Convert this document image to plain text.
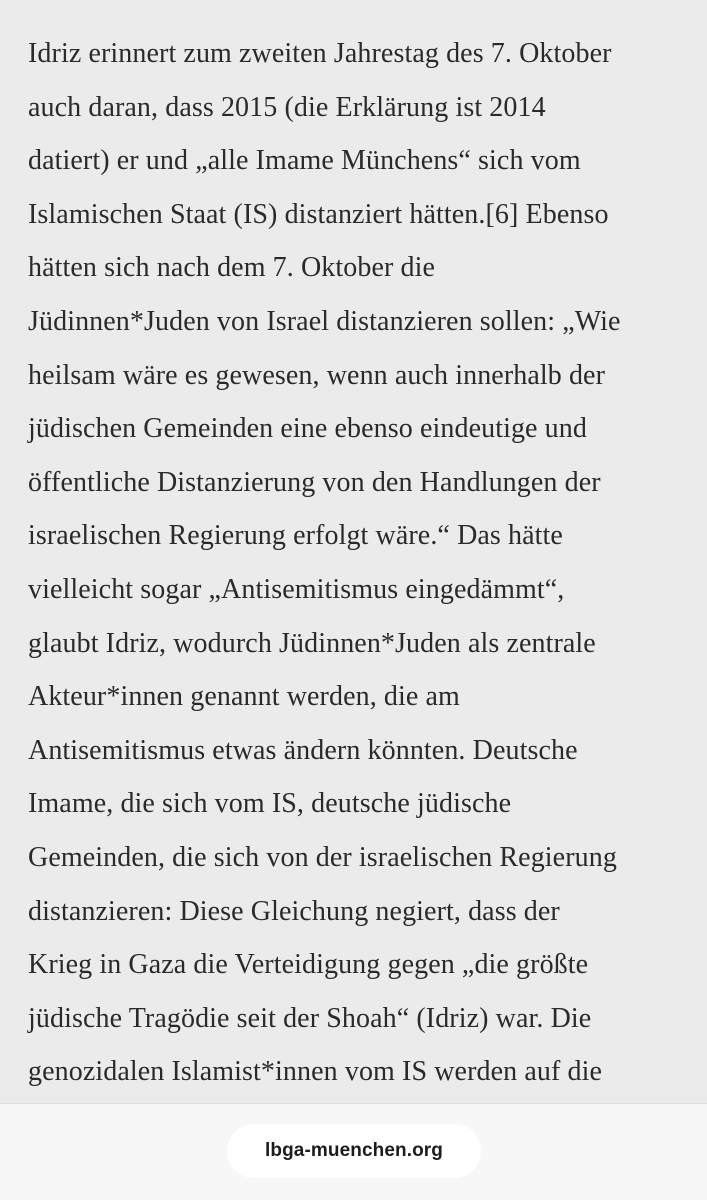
Idriz erinnert zum zweiten Jahrestag des 7. Oktober
auch daran, dass 2015 (die Erklärung ist 2014
datiert) er und „alle Imame Münchens“ sich vom
Islamischen Staat (IS) distanziert hätten.[6] Ebenso
hätten sich nach dem 7. Oktober die
Jüdinnen*Juden von Israel distanzieren sollen: „Wie
heilsam wäre es gewesen, wenn auch innerhalb der
jüdischen Gemeinden eine ebenso eindeutige und
öffentliche Distanzierung von den Handlungen der
israelischen Regierung erfolgt wäre.“ Das hätte
vielleicht sogar „Antisemitismus eingedämmt“,
glaubt Idriz, wodurch Jüdinnen*Juden als zentrale
Akteur*innen genannt werden, die am
Antisemitismus etwas ändern könnten. Deutsche
Imame, die sich vom IS, deutsche jüdische
Gemeinden, die sich von der israelischen Regierung
distanzieren: Diese Gleichung negiert, dass der
Krieg in Gaza die Verteidigung gegen „die größte
jüdische Tragödie seit der Shoah“ (Idriz) war. Die
genozidalen Islamist*innen vom IS werden auf die
lbga-muenchen.org
